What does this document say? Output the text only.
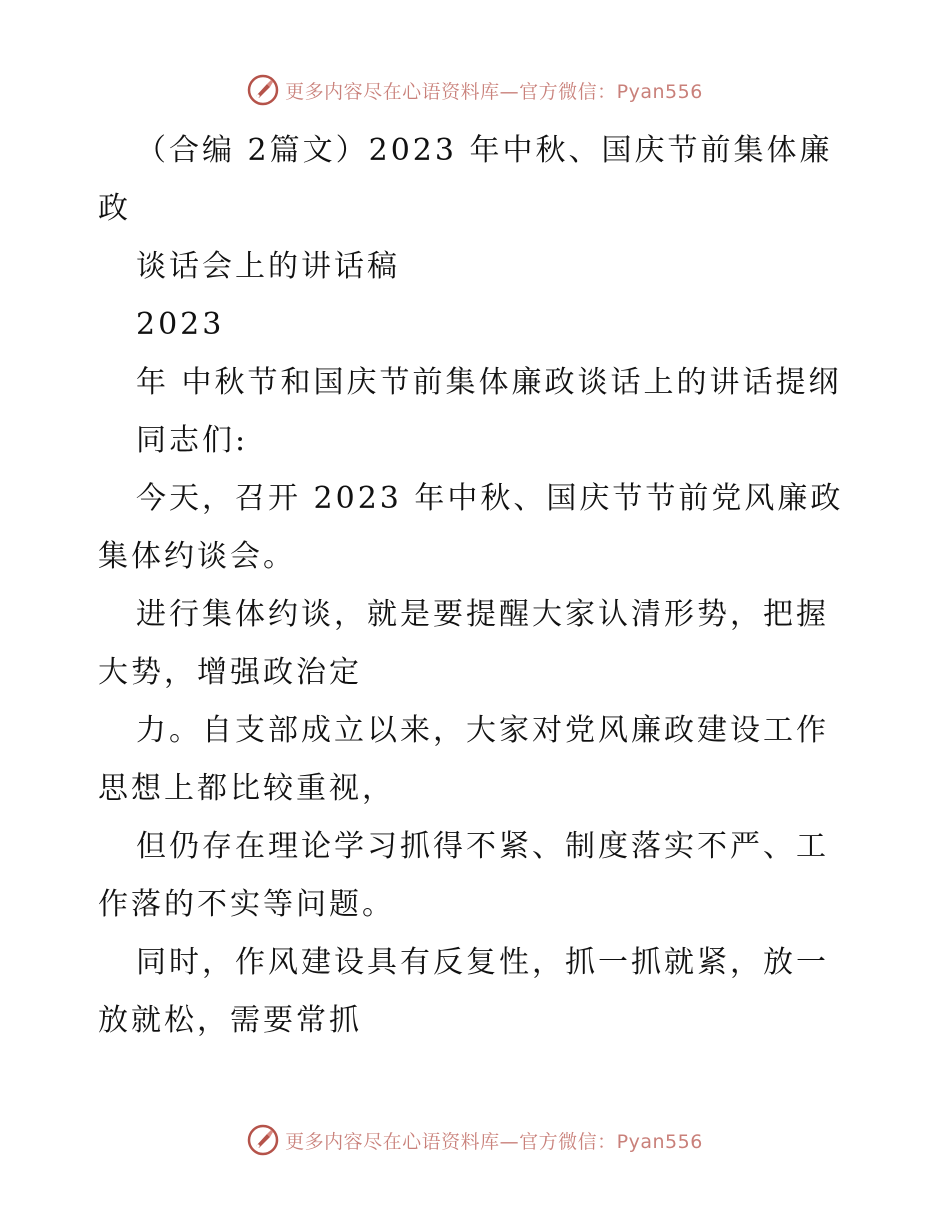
更多内容尽在心语资料库—官方微信：Pyan556

（合编 2篇文）2023 年中秋、国庆节前集体廉政

谈话会上的讲话稿

2023

年 中秋节和国庆节前集体廉政谈话上的讲话提纲

同志们:

今天，召开 2023 年中秋、国庆节节前党风廉政集体约谈会。

进行集体约谈，就是要提醒大家认清形势，把握大势，增强政治定

力。自支部成立以来，大家对党风廉政建设工作思想上都比较重视，

但仍存在理论学习抓得不紧、制度落实不严、工作落的不实等问题。

同时，作风建设具有反复性，抓一抓就紧，放一放就松，需要常抓

更多内容尽在心语资料库—官方微信：Pyan556
